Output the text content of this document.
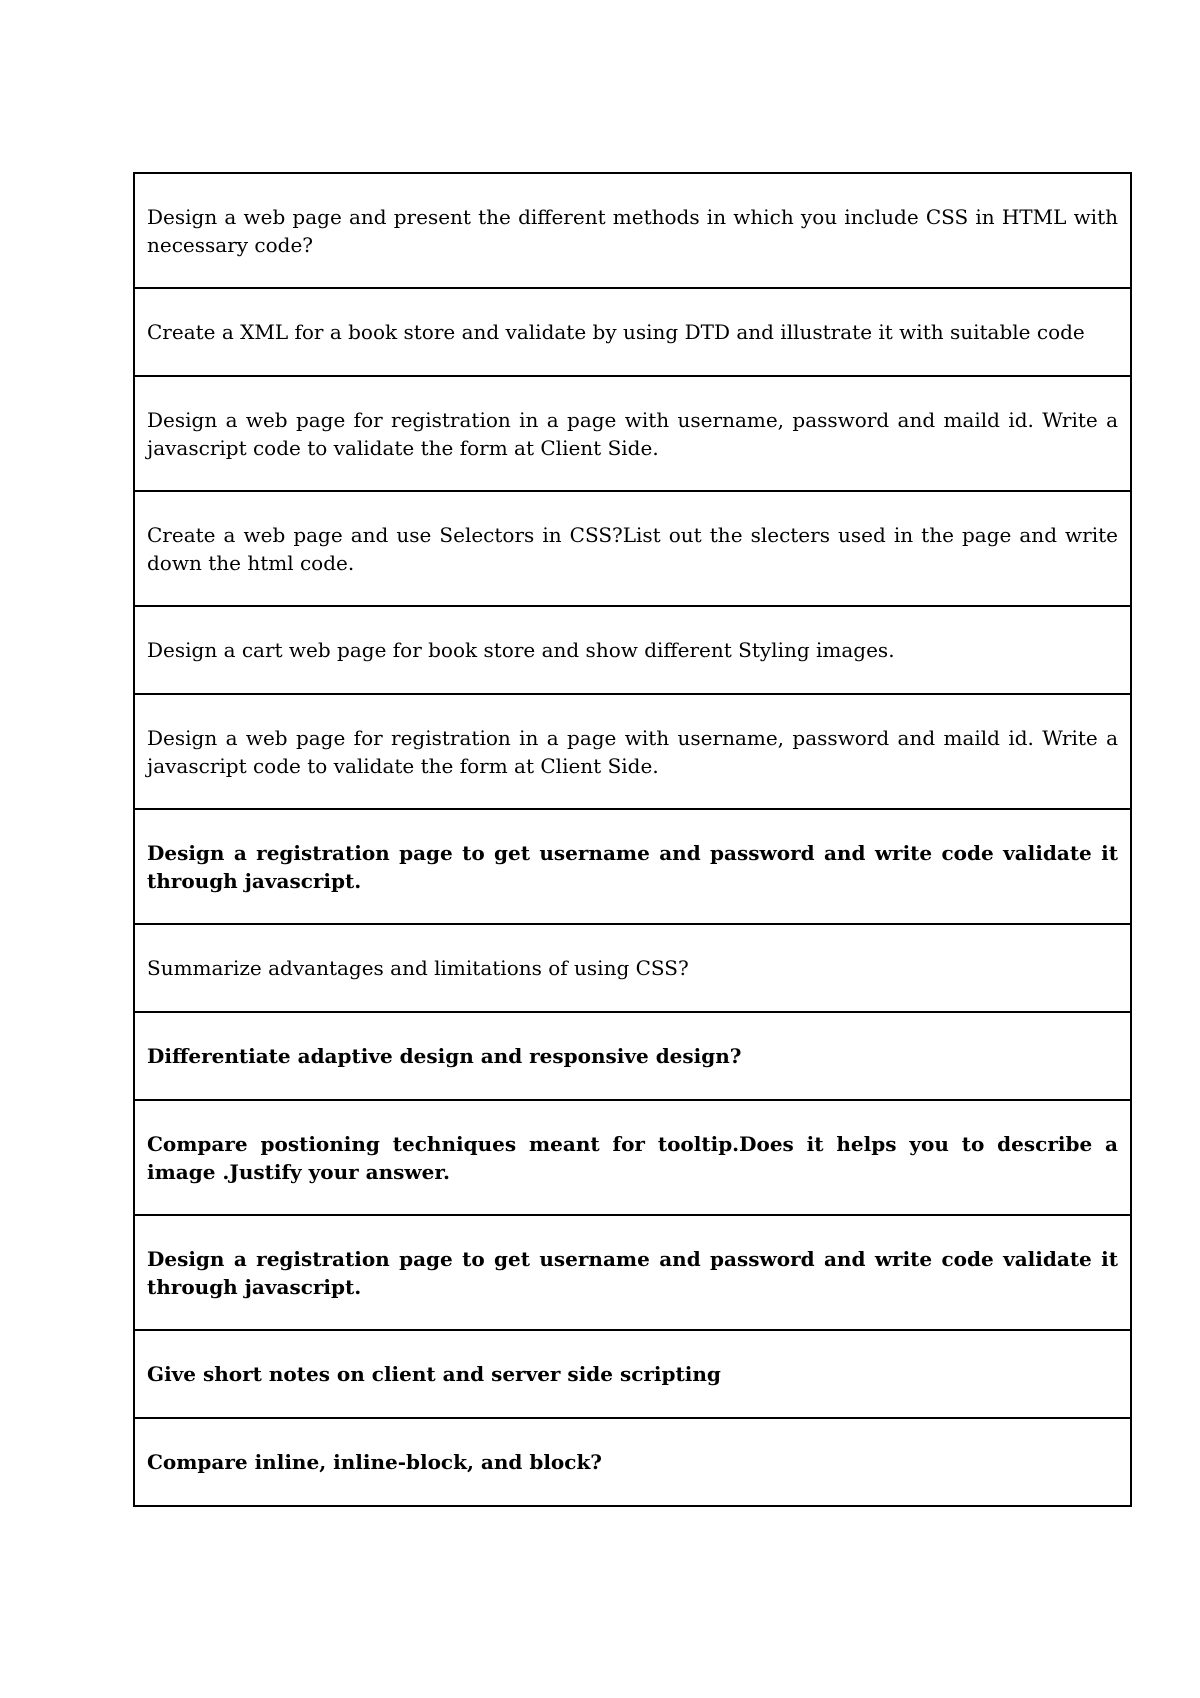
Design a web page and present the different methods in which you include CSS in HTML with necessary code?
Create a XML for a book store and validate by using DTD and illustrate it with suitable code
Design a web page for registration in a page with username, password and maild id. Write a javascript code to validate the form at Client Side.
Create a web page and use Selectors in CSS?List out the slecters used in the page and write down the html code.
Design a cart web page for book store and show different Styling images.
Design a web page for registration in a page with username, password and maild id. Write a javascript code to validate the form at Client Side.
Design a registration page to get username and password and write code validate it through javascript.
Summarize advantages and limitations of using CSS?
Differentiate adaptive design and responsive design?
Compare postioning techniques meant for tooltip.Does it helps you to describe a image .Justify your answer.
Design a registration page to get username and password and write code validate it through javascript.
Give short notes on client and server side scripting
Compare inline, inline-block, and block?
